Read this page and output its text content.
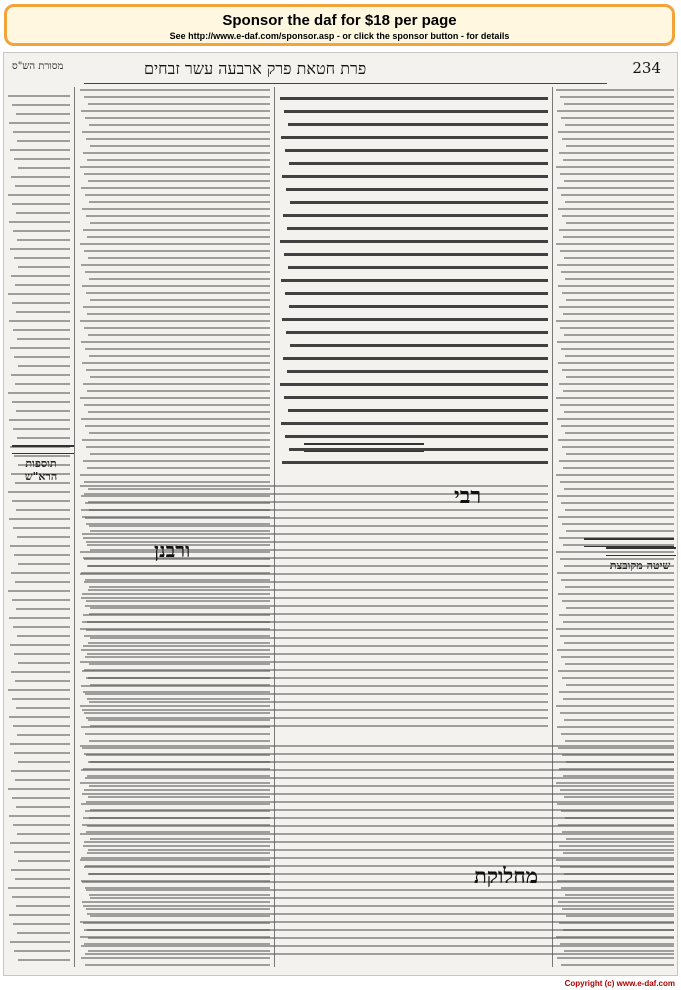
Sponsor the daf for $18 per page
See http://www.e-daf.com/sponsor.asp - or click the sponsor button - for details
234
פרת חטאת פרק ארבעה עשר זבחים
מסורת הש"ס
רבי
ורבנן
מחלוקת
תוספות הרא"ש
שיטה מקובצת
Copyright (c) www.e-daf.com
